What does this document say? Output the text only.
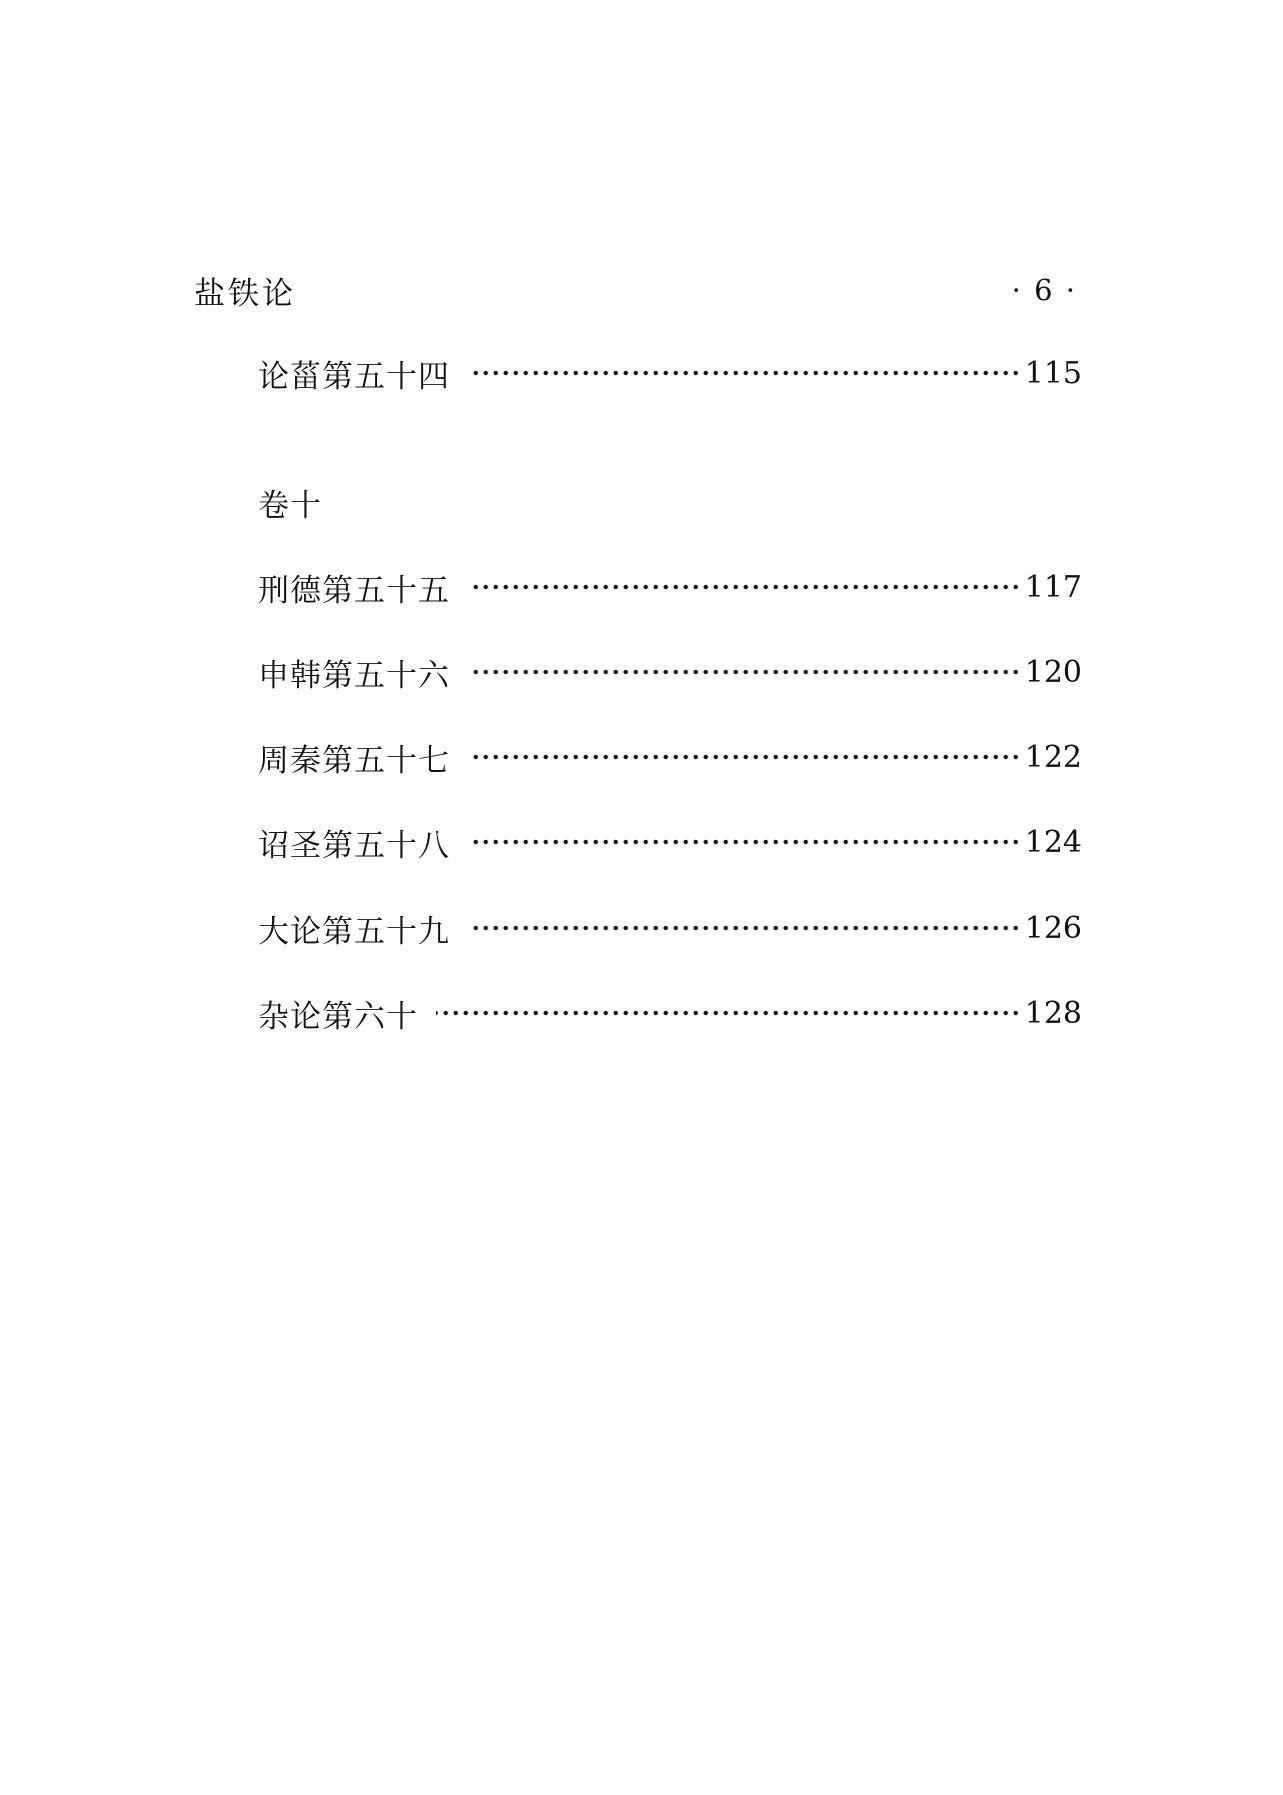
盐铁论	· 6 ·
论菑第五十四	115
卷十
刑德第五十五	117
申韩第五十六	120
周秦第五十七	122
诏圣第五十八	124
大论第五十九	126
杂论第六十	128
